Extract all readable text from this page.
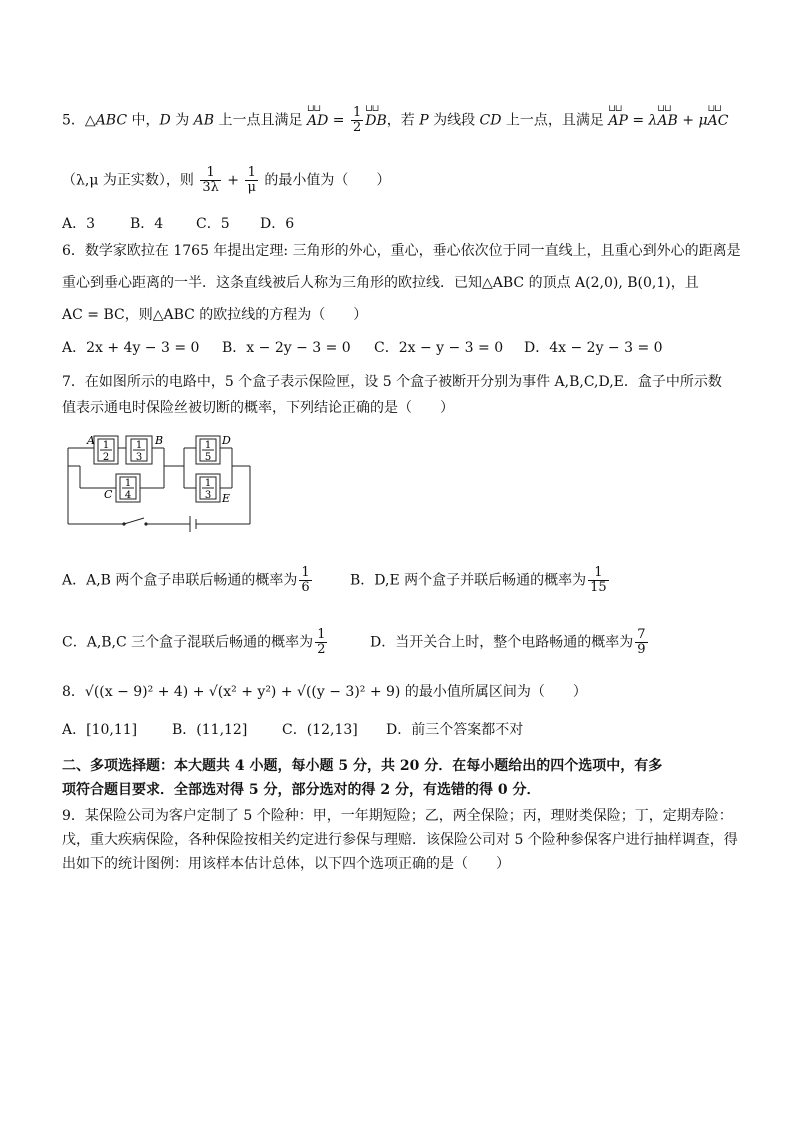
5．△ABC 中，D 为 AB 上一点且满足 ⊔⊔ AD = $\frac{1}{2}$
⊔⊔ DB，若 P 为线段 CD 上一点，且满足 ⊔⊔ AP = λ⊔⊔ AB + μ⊔⊔ AC
（λ,μ 为正实数），则 $\frac{1}{3\lambda} + \frac{1}{\mu}$ 的最小值为（　　）
A．3 B．4 C．5 D．6
6．数学家欧拉在 1765 年提出定理: 三角形的外心，重心，垂心依次位于同一直线上，且重心到外心的距离是
重心到垂心距离的一半．这条直线被后人称为三角形的欧拉线．已知△ABC 的顶点 A(2,0), B(0,1)，且
AC = BC，则△ABC 的欧拉线的方程为（　　）
A．2x + 4y − 3 = 0 B．x − 2y − 3 = 0 C．2x − y − 3 = 0 D．4x − 2y − 3 = 0
7．在如图所示的电路中，5 个盒子表示保险匣，设 5 个盒子被断开分别为事件 A,B,C,D,E．盒子中所示数
值表示通电时保险丝被切断的概率，下列结论正确的是（　　）
1
2
1
3
1
4
1
5
1
3
A	B
C
D
E
A．A,B 两个盒子串联后畅通的概率为 $\frac{1}{6}$	B．D,E 两个盒子并联后畅通的概率为 $\frac{1}{15}$
C．A,B,C 三个盒子混联后畅通的概率为 $\frac{1}{2}$	D．当开关合上时，整个电路畅通的概率为 $\frac{7}{9}$
8．√((x − 9)² + 4) + √(x² + y²) + √((y − 3)² + 9) 的最小值所属区间为（　　）
A．[10,11] B．(11,12] C．(12,13] D．前三个答案都不对
二、多项选择题：本大题共 4 小题，每小题 5 分，共 20 分．在每小题给出的四个选项中，有多
项符合题目要求．全部选对得 5 分，部分选对的得 2 分，有选错的得 0 分．
9．某保险公司为客户定制了 5 个险种：甲，一年期短险；乙，两全保险；丙，理财类保险；丁，定期寿险：
戊，重大疾病保险，各种保险按相关约定进行参保与理赔．该保险公司对 5 个险种参保客户进行抽样调查，得
出如下的统计图例：用该样本估计总体，以下四个选项正确的是（　　）
